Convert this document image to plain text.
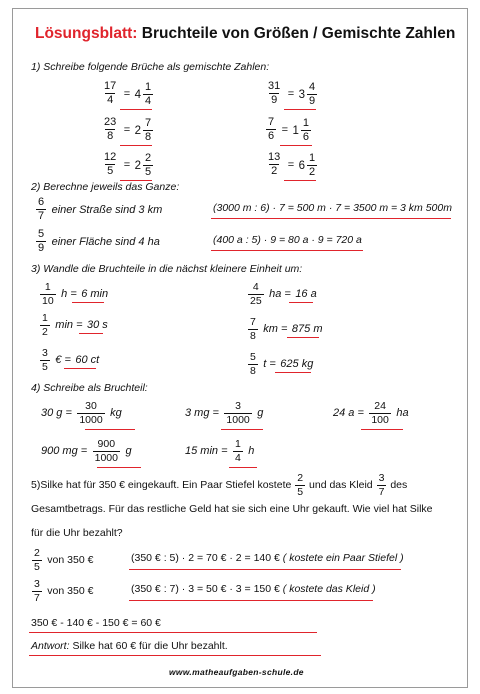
Lösungsblatt: Bruchteile von Größen / Gemischte Zahlen
1) Schreibe folgende Brüche als gemischte Zahlen:
$\frac{17}{4} = 4 \frac{1}{4}$	$\frac{31}{9} = 3 \frac{4}{9}$
$\frac{23}{8} = 2 \frac{7}{8}$	$\frac{7}{6} = 1 \frac{1}{6}$
$\frac{12}{5} = 2 \frac{2}{5}$	$\frac{13}{2} = 6 \frac{1}{2}$
2) Berechne jeweils das Ganze:
$\frac{6}{7}$ einer Straße sind 3 km	(3000 m : 6) · 7 = 500 m · 7 = 3500 m = 3 km 500m
$\frac{5}{9}$ einer Fläche sind 4 ha	(400 a : 5) · 9 = 80 a · 9 = 720 a
3) Wandle die Bruchteile in die nächst kleinere Einheit um:
$\frac{1}{10}$ h = 6 min	$\frac{4}{25}$ ha = 16 a
$\frac{1}{2}$ min = 30 s	$\frac{7}{8}$ km = 875 m
$\frac{3}{5}$ € = 60 ct	$\frac{5}{8}$ t = 625 kg
4) Schreibe als Bruchteil:
30 $g = \frac{30}{1000}$ kg	3 mg = $\frac{3}{1000}$ g	24 $a = \frac{24}{100}$ ha
900 mg = $\frac{900}{1000}$ g	15 $\min = \frac{1}{4}$ h
5)Silke hat für 350 € eingekauft. Ein Paar Stiefel kostete $\frac{2}{5}$ und das Kleid $\frac{3}{7}$ des
Gesamtbetrags. Für das restliche Geld hat sie sich eine Uhr gekauft. Wie viel hat Silke
für die Uhr bezahlt?
$\frac{2}{5}$ von 350 €	(350 € : 5) · 2 = 70 € · 2 = 140 € ( kostete ein Paar Stiefel )
$\frac{3}{7}$ von 350 €	(350 € : 7) · 3 = 50 € · 3 = 150 € ( kostete das Kleid )
350 € - 140 € - 150 € = 60 €
Antwort: Silke hat 60 € für die Uhr bezahlt.
www.matheaufgaben-schule.de
